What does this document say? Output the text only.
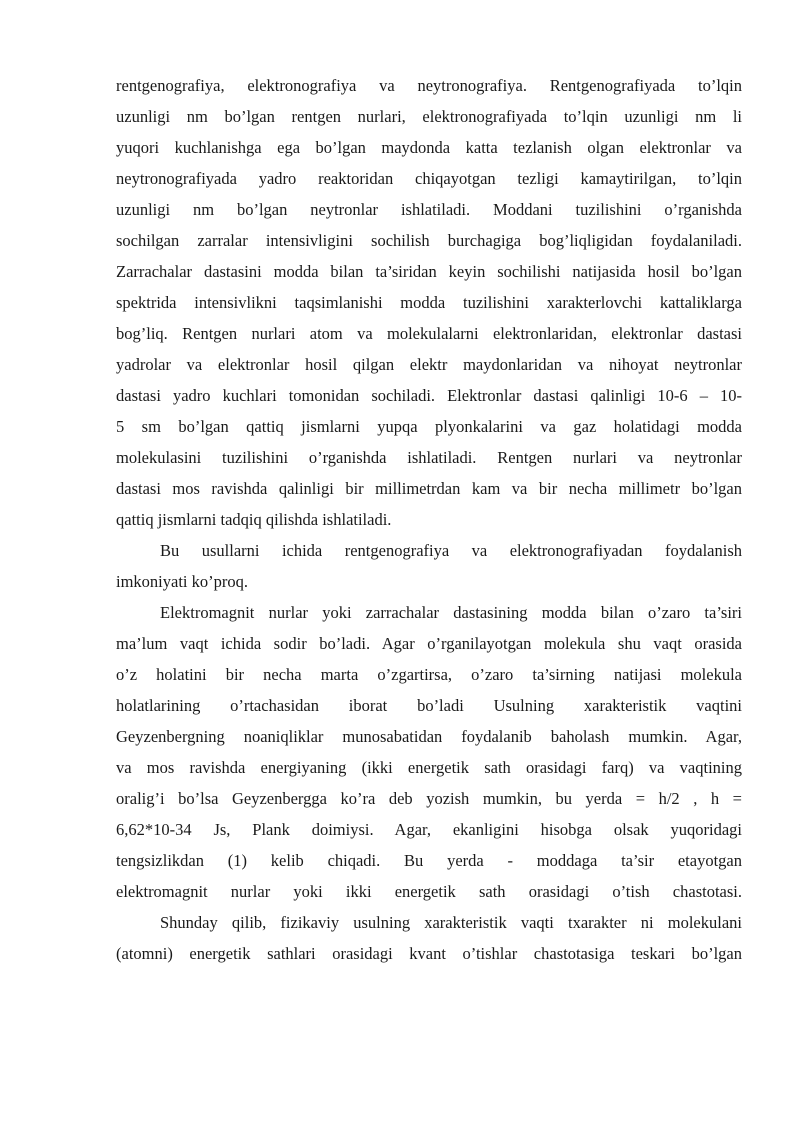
rentgenografiya, elektronografiya va neytronografiya. Rentgenografiyada to’lqin
uzunligi nm bo’lgan rentgen nurlari, elektronografiyada to’lqin uzunligi nm li
yuqori kuchlanishga ega bo’lgan maydonda katta tezlanish olgan elektronlar va
neytronografiyada yadro reaktoridan chiqayotgan tezligi kamaytirilgan, to’lqin
uzunligi nm bo’lgan neytronlar ishlatiladi. Moddani tuzilishini o’rganishda
sochilgan zarralar intensivligini sochilish burchagiga bog’liqligidan foydalaniladi.
Zarrachalar dastasini modda bilan ta’siridan keyin sochilishi natijasida hosil bo’lgan
spektrida intensivlikni taqsimlanishi modda tuzilishini xarakterlovchi kattaliklarga
bog’liq. Rentgen nurlari atom va molekulalarni elektronlaridan, elektronlar dastasi
yadrolar va elektronlar hosil qilgan elektr maydonlaridan va nihoyat neytronlar
dastasi yadro kuchlari tomonidan sochiladi. Elektronlar dastasi qalinligi 10-6 – 10-
5 sm bo’lgan qattiq jismlarni yupqa plyonkalarini va gaz holatidagi modda
molekulasini tuzilishini o’rganishda ishlatiladi. Rentgen nurlari va neytronlar
dastasi mos ravishda qalinligi bir millimetrdan kam va bir necha millimetr bo’lgan
qattiq jismlarni tadqiq qilishda ishlatiladi.
Bu usullarni ichida rentgenografiya va elektronografiyadan foydalanish
imkoniyati ko’proq.
Elektromagnit nurlar yoki zarrachalar dastasining modda bilan o’zaro ta’siri
ma’lum vaqt ichida sodir bo’ladi. Agar o’rganilayotgan molekula shu vaqt orasida
o’z holatini bir necha marta o’zgartirsa, o’zaro ta’sirning natijasi molekula
holatlarining o’rtachasidan iborat bo’ladi Usulning xarakteristik vaqtini
Geyzenbergning noaniqliklar munosabatidan foydalanib baholash mumkin. Agar,
va mos ravishda energiyaning (ikki energetik sath orasidagi farq) va vaqtining
oralig’i bo’lsa Geyzenbergga ko’ra deb yozish mumkin, bu yerda = h/2 , h =
6,62*10-34 Js, Plank doimiysi. Agar, ekanligini hisobga olsak yuqoridagi
tengsizlikdan (1) kelib chiqadi. Bu yerda - moddaga ta’sir etayotgan
elektromagnit nurlar yoki ikki energetik sath orasidagi o’tish chastotasi.
Shunday qilib, fizikaviy usulning xarakteristik vaqti txarakter ni molekulani
(atomni) energetik sathlari orasidagi kvant o’tishlar chastotasiga teskari bo’lgan
